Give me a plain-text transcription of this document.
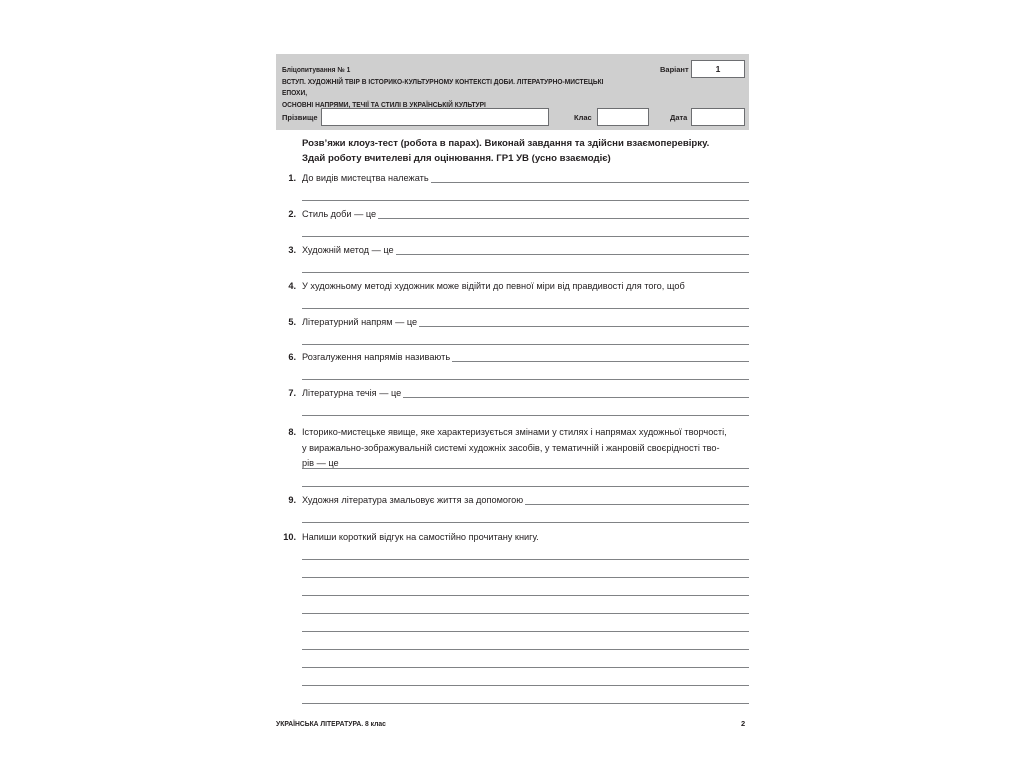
Бліцопитування № 1
ВСТУП. ХУДОЖНІЙ ТВІР В ІСТОРИКО-КУЛЬТУРНОМУ КОНТЕКСТІ ДОБИ. ЛІТЕРАТУРНО-МИСТЕЦЬКІ ЕПОХИ,
ОСНОВНІ НАПРЯМИ, ТЕЧІЇ ТА СТИЛІ В УКРАЇНСЬКІЙ КУЛЬТУРІ
Варіант	1
Прізвище	Клас	Дата
Розв’яжи клоуз-тест (робота в парах). Виконай завдання та здійсни взаємоперевірку.
Здай роботу вчителеві для оцінювання. ГР1 УВ (усно взаємодіє)
1. До видів мистецтва належать
2. Стиль доби — це
3. Художній метод — це
4. У художньому методі художник може відійти до певної міри від правдивості для того, щоб
5. Літературний напрям — це
6. Розгалуження напрямів називають
7. Літературна течія — це
8. Історико-мистецьке явище, яке характеризується змінами у стилях і напрямах художньої творчості,
у виражально-зображувальній системі художніх засобів, у тематичній і жанровій своєрідності тво-
рів — це
9. Художня література змальовує життя за допомогою
10. Напиши короткий відгук на самостійно прочитану книгу.
УКРАЇНСЬКА ЛІТЕРАТУРА. 8 клас	2
